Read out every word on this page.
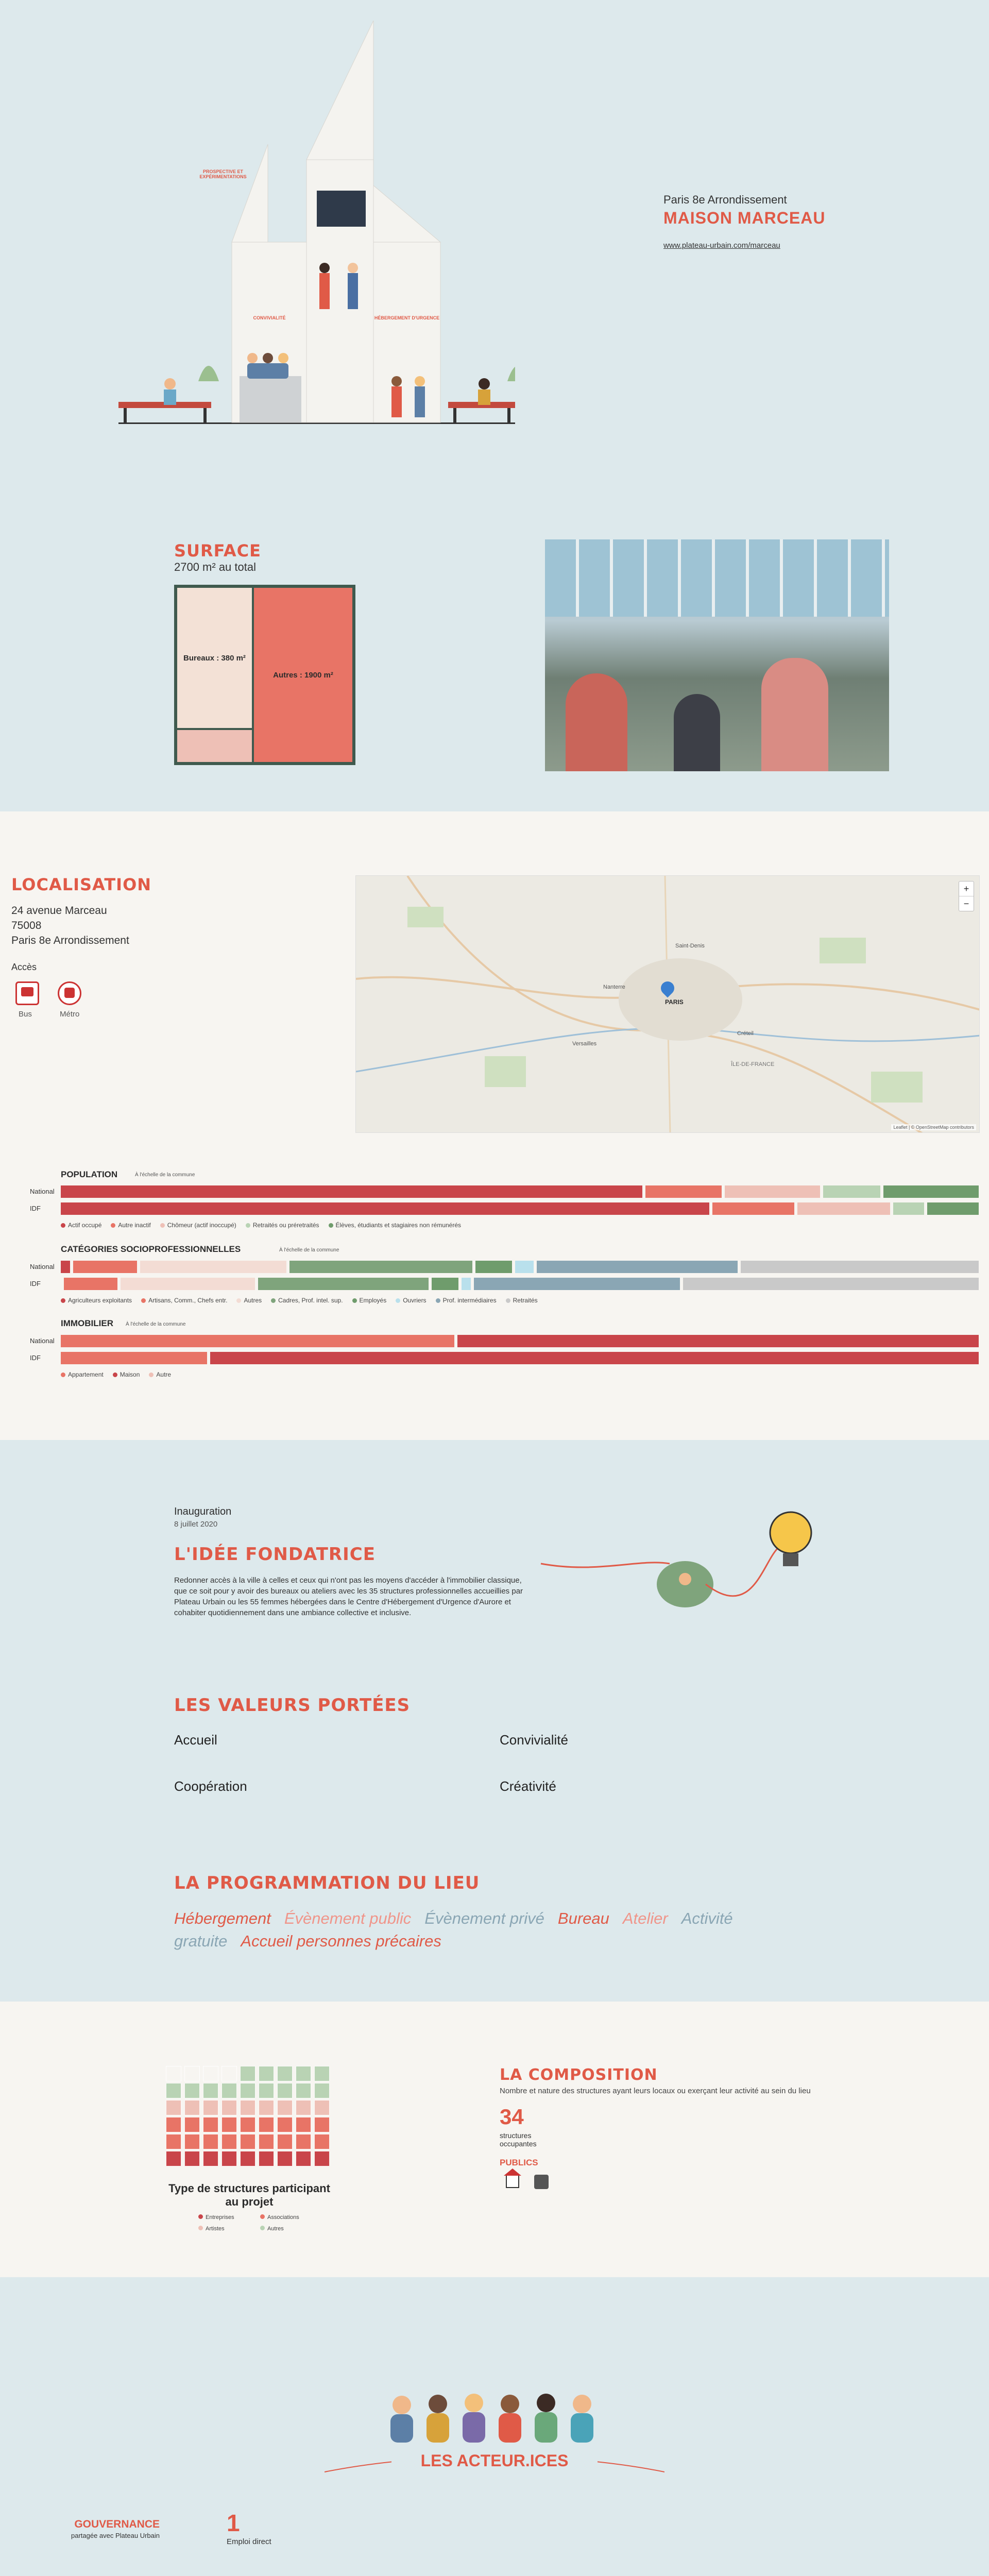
PROSPECTIVE ET EXPÉRIMENTATIONS
CONVIVIALITÉ	HÉBERGEMENT D'URGENCE
Paris 8e Arrondissement
MAISON MARCEAU
www.plateau-urbain.com/marceau
SURFACE
2700 m² au total
Bureaux : 380 m²
Autres : 1900 m²
LOCALISATION
24 avenue Marceau
75008
Paris 8e Arrondissement
Accès
Bus	Métro
PARIS
ÎLE-DE-FRANCE
Saint-Denis
Versailles
Créteil
Nanterre
+
−
Leaflet | © OpenStreetMap contributors
POPULATION	À l'échelle de la commune
National
IDF
Actif occupé	Autre inactif	Chômeur (actif inoccupé)	Retraités ou préretraités	Élèves, étudiants et stagiaires non rémunérés
CATÉGORIES SOCIOPROFESSIONNELLES	À l'échelle de la commune
National
IDF
Agriculteurs exploitants	Artisans, Comm., Chefs entr.	Autres	Cadres, Prof. intel. sup.	Employés	Ouvriers	Prof. intermédiaires	Retraités
IMMOBILIER À l'échelle de la commune
National
IDF
Appartement	Maison	Autre
Inauguration
8 juillet 2020
L'IDÉE FONDATRICE
Redonner accès à la ville à celles et ceux qui n'ont pas les moyens d'accéder à l'immobilier classique, que ce soit pour y avoir des bureaux ou ateliers avec les 35 structures professionnelles accueillies par Plateau Urbain ou les 55 femmes hébergées dans le Centre d'Hébergement d'Urgence d'Aurore et cohabiter quotidiennement dans une ambiance collective et inclusive.
LES VALEURS PORTÉES
Accueil	Convivialité
Coopération	Créativité
LA PROGRAMMATION DU LIEU
Hébergement Évènement public Évènement privé Bureau Atelier Activité gratuite Accueil personnes précaires
Type de structures participant au projet
Entreprises	Associations
Artistes	Autres
LA COMPOSITION
Nombre et nature des structures ayant leurs locaux ou exerçant leur activité au sein du lieu
34
structures occupantes
PUBLICS
LES ACTEUR.ICES
GOUVERNANCE
partagée avec Plateau Urbain	1
Emploi direct
